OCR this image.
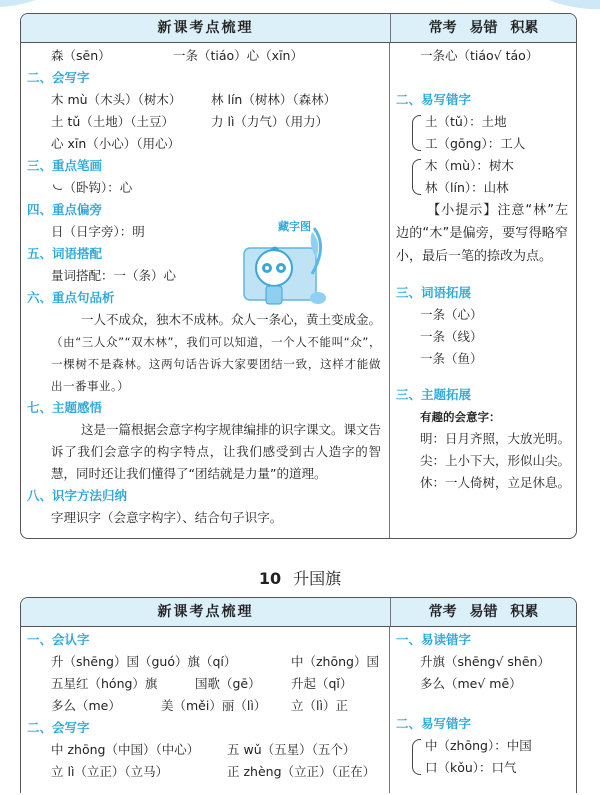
新课考点梳理	常考 易错 积累
森（sēn）	一条（tiáo）心（xīn）
二、会写字
木 mù（木头）（树木） 林 lín（树林）（森林）
土 tǔ（土地）（土豆）	力 lì（力气）（用力）
心 xīn（小心）（用心）
三、重点笔画
㇃（卧钩）：心
四、重点偏旁
日（日字旁）：明
五、词语搭配
量词搭配：一（条）心
六、重点句品析
一人不成众，独木不成林。众人一条心，黄土变成金。
（由“三人众”“双木林”，我们可以知道，一个人不能叫“众”，一棵树不是森林。这两句话告诉大家要团结一致，这样才能做出一番事业。）
七、主题感悟
这是一篇根据会意字构字规律编排的识字课文。课文告诉了我们会意字的构字特点，让我们感受到古人造字的智慧，同时还让我们懂得了“团结就是力量”的道理。
八、识字方法归纳
字理识字（会意字构字）、结合句子识字。
藏字图
一条心（tiáo√ táo）
二、易写错字
土（tǔ）：土地
工（gōng）：工人
木（mù）：树木
林（lín）：山林
【小提示】注意“林”左边的“木”是偏旁，要写得略窄小，最后一笔的捺改为点。
三、词语拓展
一条（心）
一条（线）
一条（鱼）
三、主题拓展
有趣的会意字：
明：日月齐照，大放光明。
尖：上小下大，形似山尖。
休：一人倚树，立足休息。
10 升国旗
新课考点梳理	常考 易错 积累
一、会认字
升（shēng）国（guó）旗（qí）	中（zhōng）国
五星红（hóng）旗	国歌（gē） 升起（qǐ）
多么（me）	美（měi）丽（lì） 立（lì）正
二、会写字
中 zhōng（中国）（中心） 五 wǔ（五星）（五个）
立 lì（立正）（立马）	正 zhèng（立正）（正在）
一、易读错字
升旗（shēng√ shēn）
多么（me√ mē）
二、易写错字
中（zhōng）：中国
口（kǒu）：口气
